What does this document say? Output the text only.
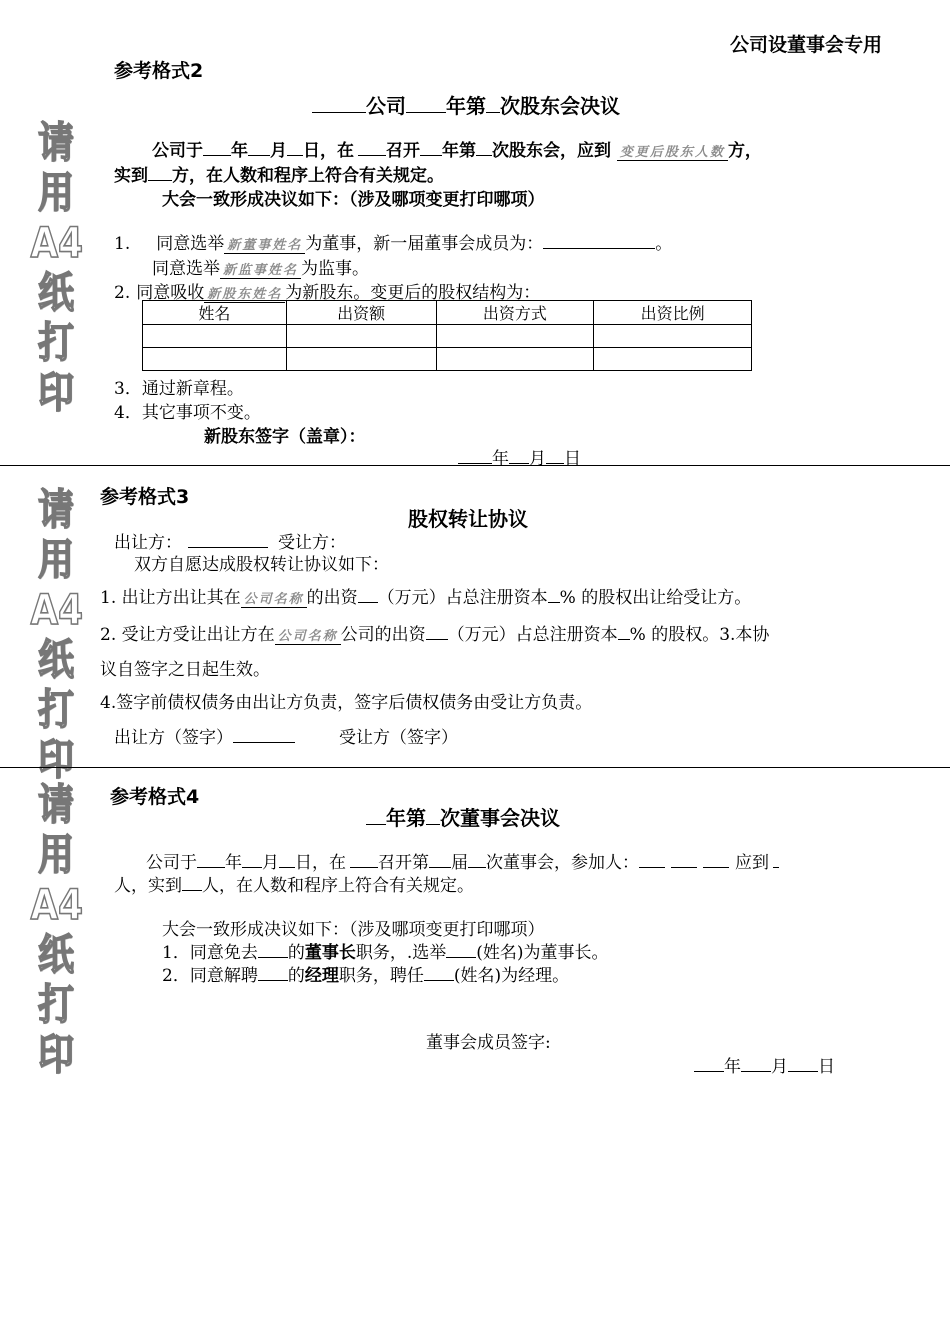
公司设董事会专用
请
用
A4
纸
打
印
请
用
A4
纸
打
印
请
用
A4
纸
打
印
参考格式2
公司 年第 次股东会决议
公司于 年 月 日，在 召开 年第 次股东会，应到 变更后股东人数 方，
实到 方，在人数和程序上符合有关规定。
大会一致形成决议如下：（涉及哪项变更打印哪项）
1. 同意选举 新董事姓名 为董事，新一届董事会成员为：	。
同意选举 新监事姓名 为监事。
2. 同意吸收 新股东姓名 为新股东。变更后的股权结构为：
姓名	出资额	出资方式	出资比例

3．通过新章程。
4．其它事项不变。
新股东签字（盖章）：
年 月 日
参考格式3
股权转让协议
出让方：	受让方：
双方自愿达成股权转让协议如下：
1. 出让方出让其在 公司名称 的出资 （万元）占总注册资本 % 的股权出让给受让方。
2. 受让方受让出让方在 公司名称 公司的出资 （万元）占总注册资本 % 的股权。3.本协
议自签字之日起生效。
4.签字前债权债务由出让方负责，签字后债权债务由受让方负责。
出让方（签字）	受让方（签字）
参考格式4
年第 次董事会决议
公司于 年 月 日，在 召开第 届 次董事会，参加人：	应到
人，实到 人，在人数和程序上符合有关规定。
大会一致形成决议如下：（涉及哪项变更打印哪项）
1．同意免去 的董事长职务，.选举 (姓名)为董事长。
2．同意解聘 的经理职务，聘任 (姓名)为经理。
董事会成员签字:
年 月 日
